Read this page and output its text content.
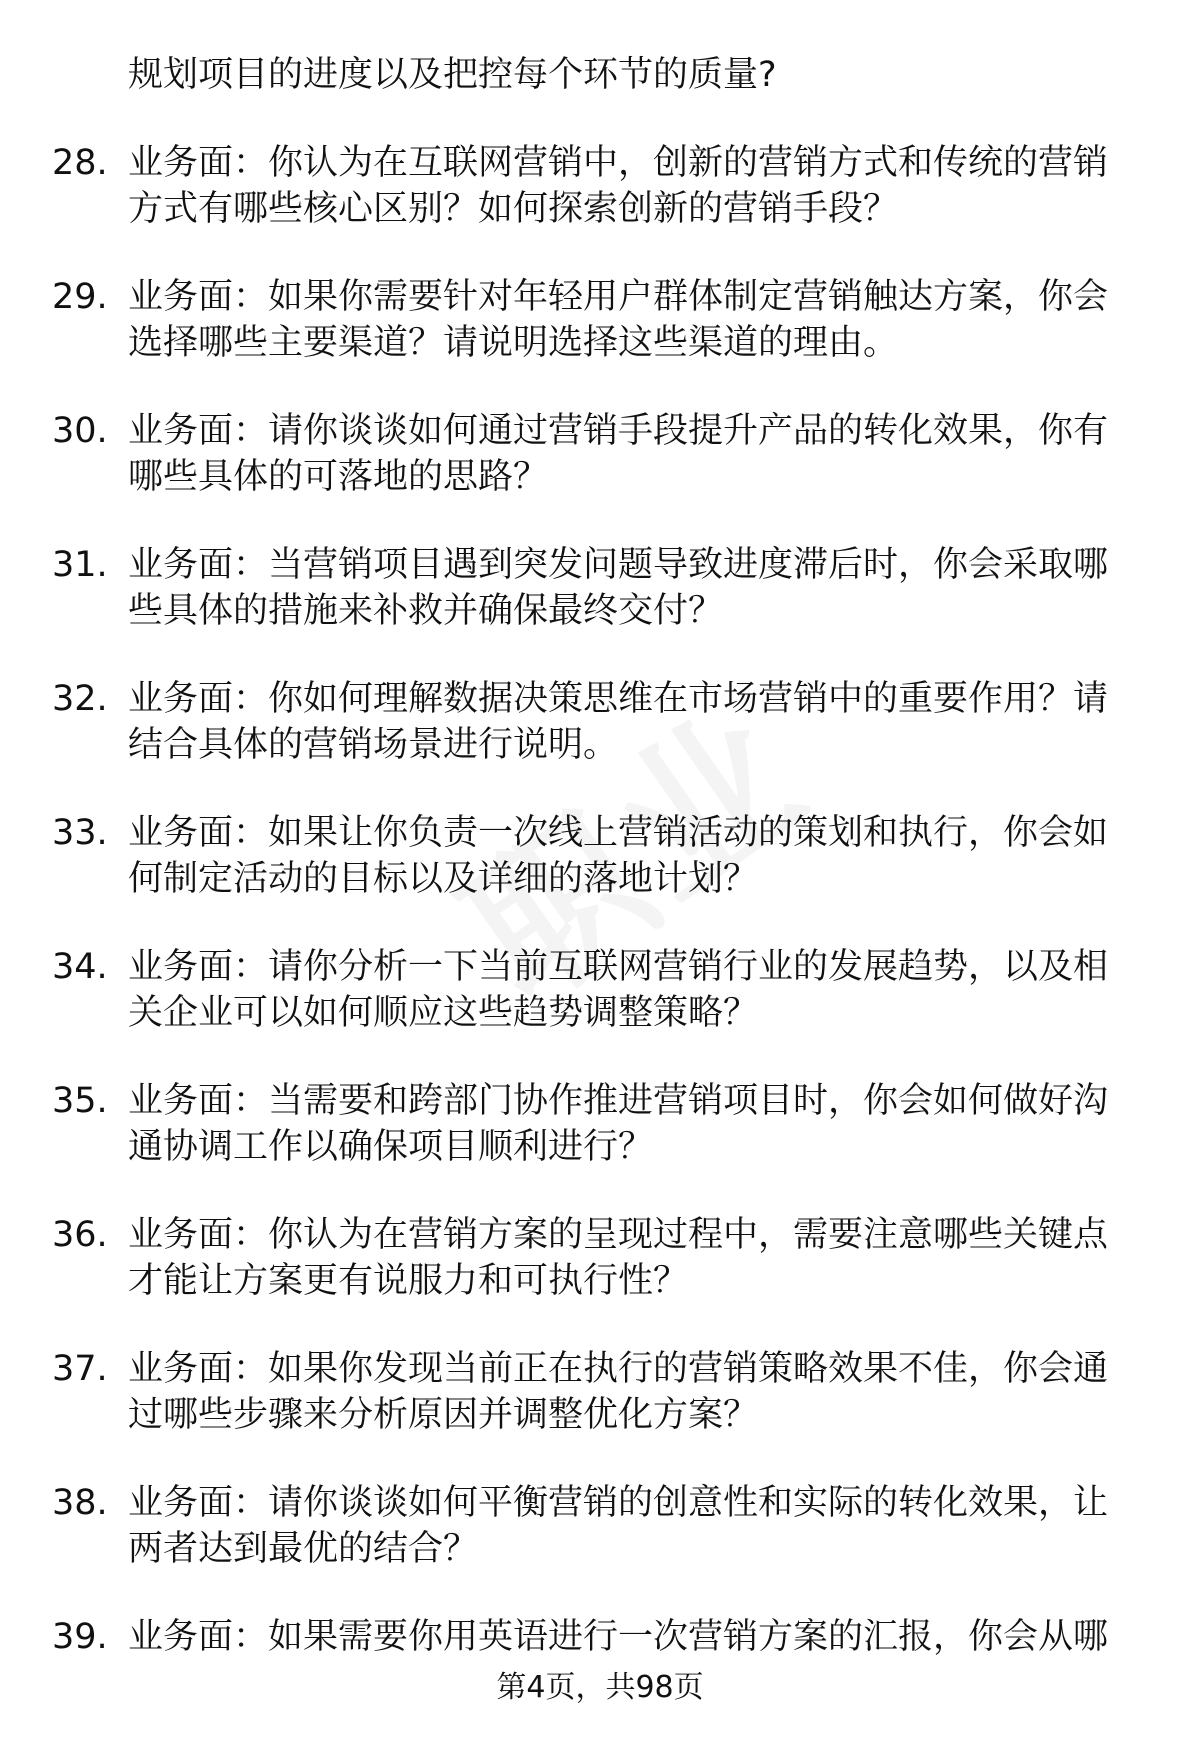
规划项目的进度以及把控每个环节的质量?
28. 业务面：你认为在互联网营销中，创新的营销方式和传统的营销方式有哪些核心区别？如何探索创新的营销手段？
29. 业务面：如果你需要针对年轻用户群体制定营销触达方案，你会选择哪些主要渠道？请说明选择这些渠道的理由。
30. 业务面：请你谈谈如何通过营销手段提升产品的转化效果，你有哪些具体的可落地的思路？
31. 业务面：当营销项目遇到突发问题导致进度滞后时，你会采取哪些具体的措施来补救并确保最终交付？
32. 业务面：你如何理解数据决策思维在市场营销中的重要作用？请结合具体的营销场景进行说明。
33. 业务面：如果让你负责一次线上营销活动的策划和执行，你会如何制定活动的目标以及详细的落地计划？
34. 业务面：请你分析一下当前互联网营销行业的发展趋势，以及相关企业可以如何顺应这些趋势调整策略？
35. 业务面：当需要和跨部门协作推进营销项目时，你会如何做好沟通协调工作以确保项目顺利进行？
36. 业务面：你认为在营销方案的呈现过程中，需要注意哪些关键点才能让方案更有说服力和可执行性？
37. 业务面：如果你发现当前正在执行的营销策略效果不佳，你会通过哪些步骤来分析原因并调整优化方案？
38. 业务面：请你谈谈如何平衡营销的创意性和实际的转化效果，让两者达到最优的结合？
39. 业务面：如果需要你用英语进行一次营销方案的汇报，你会从哪
第4页，共98页
